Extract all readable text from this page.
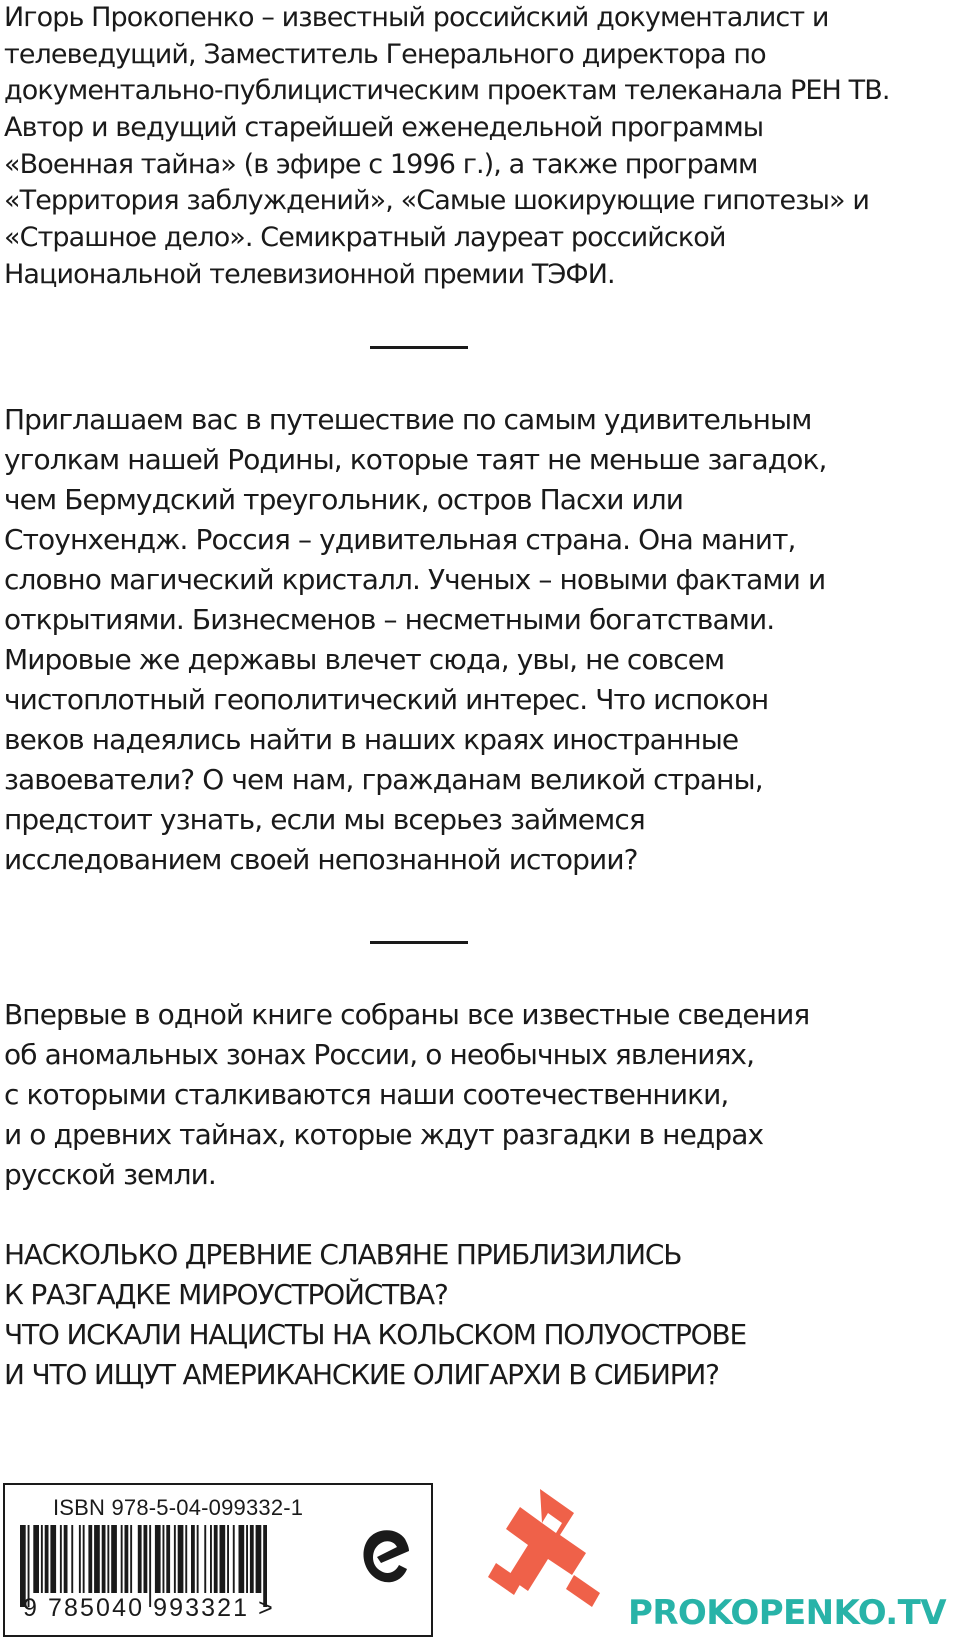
Игорь Прокопенко – известный российский документалист и
телеведущий, Заместитель Генерального директора по
документально-публицистическим проектам телеканала РЕН ТВ.
Автор и ведущий старейшей еженедельной программы
«Военная тайна» (в эфире с 1996 г.), а также программ
«Территория заблуждений», «Самые шокирующие гипотезы» и
«Страшное дело». Семикратный лауреат российской
Национальной телевизионной премии ТЭФИ.
Приглашаем вас в путешествие по самым удивительным
уголкам нашей Родины, которые таят не меньше загадок,
чем Бермудский треугольник, остров Пасхи или
Стоунхендж. Россия – удивительная страна. Она манит,
словно магический кристалл. Ученых – новыми фактами и
открытиями. Бизнесменов – несметными богатствами.
Мировые же державы влечет сюда, увы, не совсем
чистоплотный геополитический интерес. Что испокон
веков надеялись найти в наших краях иностранные
завоеватели? О чем нам, гражданам великой страны,
предстоит узнать, если мы всерьез займемся
исследованием своей непознанной истории?
Впервые в одной книге собраны все известные сведения
об аномальных зонах России, о необычных явлениях,
с которыми сталкиваются наши соотечественники,
и о древних тайнах, которые ждут разгадки в недрах
русской земли.
НАСКОЛЬКО ДРЕВНИЕ СЛАВЯНЕ ПРИБЛИЗИЛИСЬ
К РАЗГАДКЕ МИРОУСТРОЙСТВА?
ЧТО ИСКАЛИ НАЦИСТЫ НА КОЛЬСКОМ ПОЛУОСТРОВЕ
И ЧТО ИЩУТ АМЕРИКАНСКИЕ ОЛИГАРХИ В СИБИРИ?
ISBN 978-5-04-099332-1
9 785040 993321 >	PROKOPENKO.TV
